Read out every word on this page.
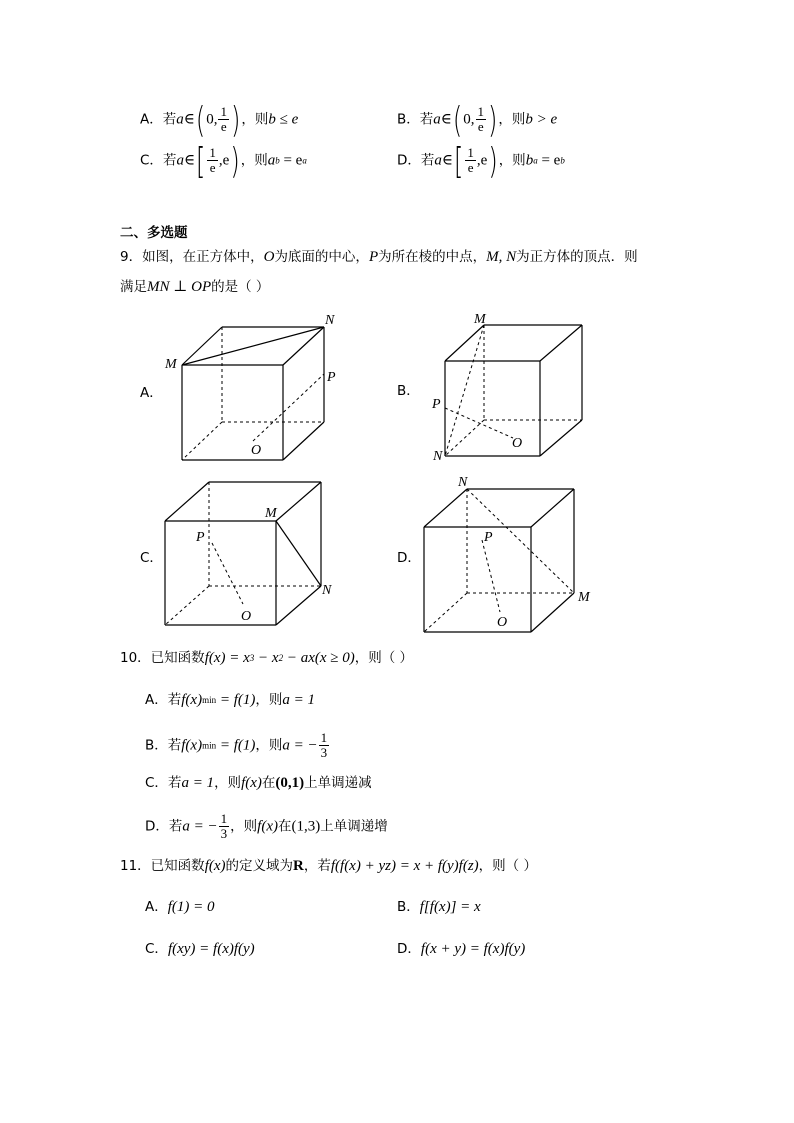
A．若a∈(0, $\frac{1}{e}$ )，则b ≤ e	B．若a∈(0, $\frac{1}{e}$ )，则b > e
C．若a∈[ $\frac{1}{e} ,e$)，则ab = ea	D．若a∈[ $\frac{1}{e} ,e$)，则ba = eb
二、多选题
9．如图，在正方体中，O为底面的中心，P为所在棱的中点，M, N为正方体的顶点．则
满足MN ⊥ OP的是（ ）
A．	B．
C．	D．
M
N
P
O
M
N
P
O
M
N
P
O
N
M
P
O
10．已知函数f(x) = x3 − x2 − ax(x ≥ 0)，则（ ）
A．若f(x)min = f(1)，则a = 1
B．若f(x)min = f(1)，则a = − $\frac{1}{3}$
C．若a = 1，则f(x)在(0,1)上单调递减
D．若a = − $\frac{1}{3}$ ，则f(x)在(1,3)上单调递增
11．已知函数f(x)的定义域为R，若f(f(x) + yz) = x + f(y)f(z)，则（ ）
A．f(1) = 0	B．f[f(x)] = x
C．f(xy) = f(x)f(y)	D．f(x + y) = f(x)f(y)
